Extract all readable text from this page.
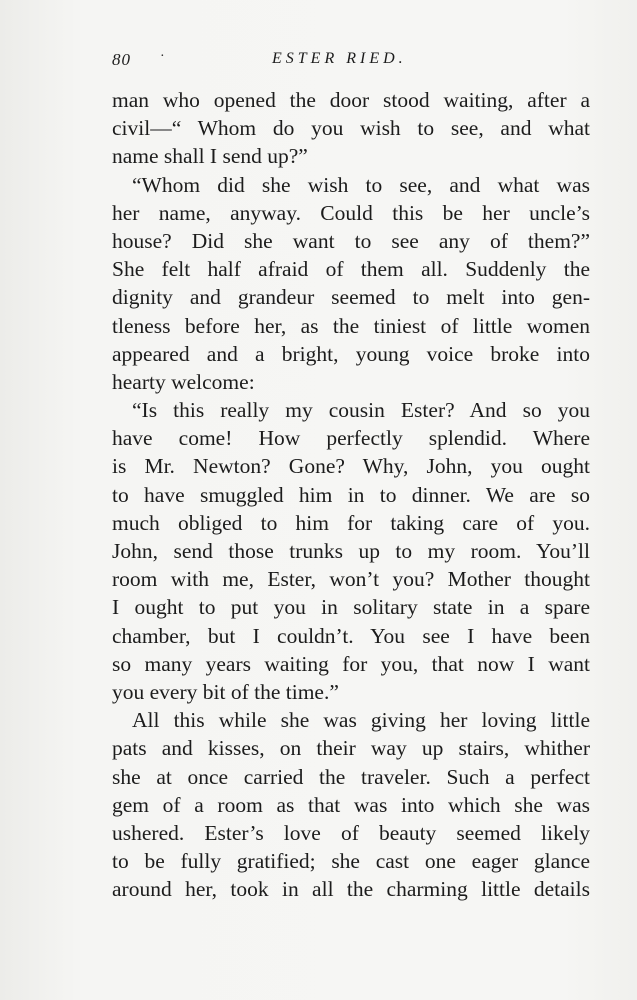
80 ·	ESTER RIED.
man who opened the door stood waiting, after a
civil—“ Whom do you wish to see, and what
name shall I send up?”
“Whom did she wish to see, and what was
her name, anyway. Could this be her uncle’s
house? Did she want to see any of them?”
She felt half afraid of them all. Suddenly the
dignity and grandeur seemed to melt into gen-
tleness before her, as the tiniest of little women
appeared and a bright, young voice broke into
hearty welcome:
“Is this really my cousin Ester? And so you
have come! How perfectly splendid. Where
is Mr. Newton? Gone? Why, John, you ought
to have smuggled him in to dinner. We are so
much obliged to him for taking care of you.
John, send those trunks up to my room. You’ll
room with me, Ester, won’t you? Mother thought
I ought to put you in solitary state in a spare
chamber, but I couldn’t. You see I have been
so many years waiting for you, that now I want
you every bit of the time.”
All this while she was giving her loving little
pats and kisses, on their way up stairs, whither
she at once carried the traveler. Such a perfect
gem of a room as that was into which she was
ushered. Ester’s love of beauty seemed likely
to be fully gratified; she cast one eager glance
around her, took in all the charming little details
